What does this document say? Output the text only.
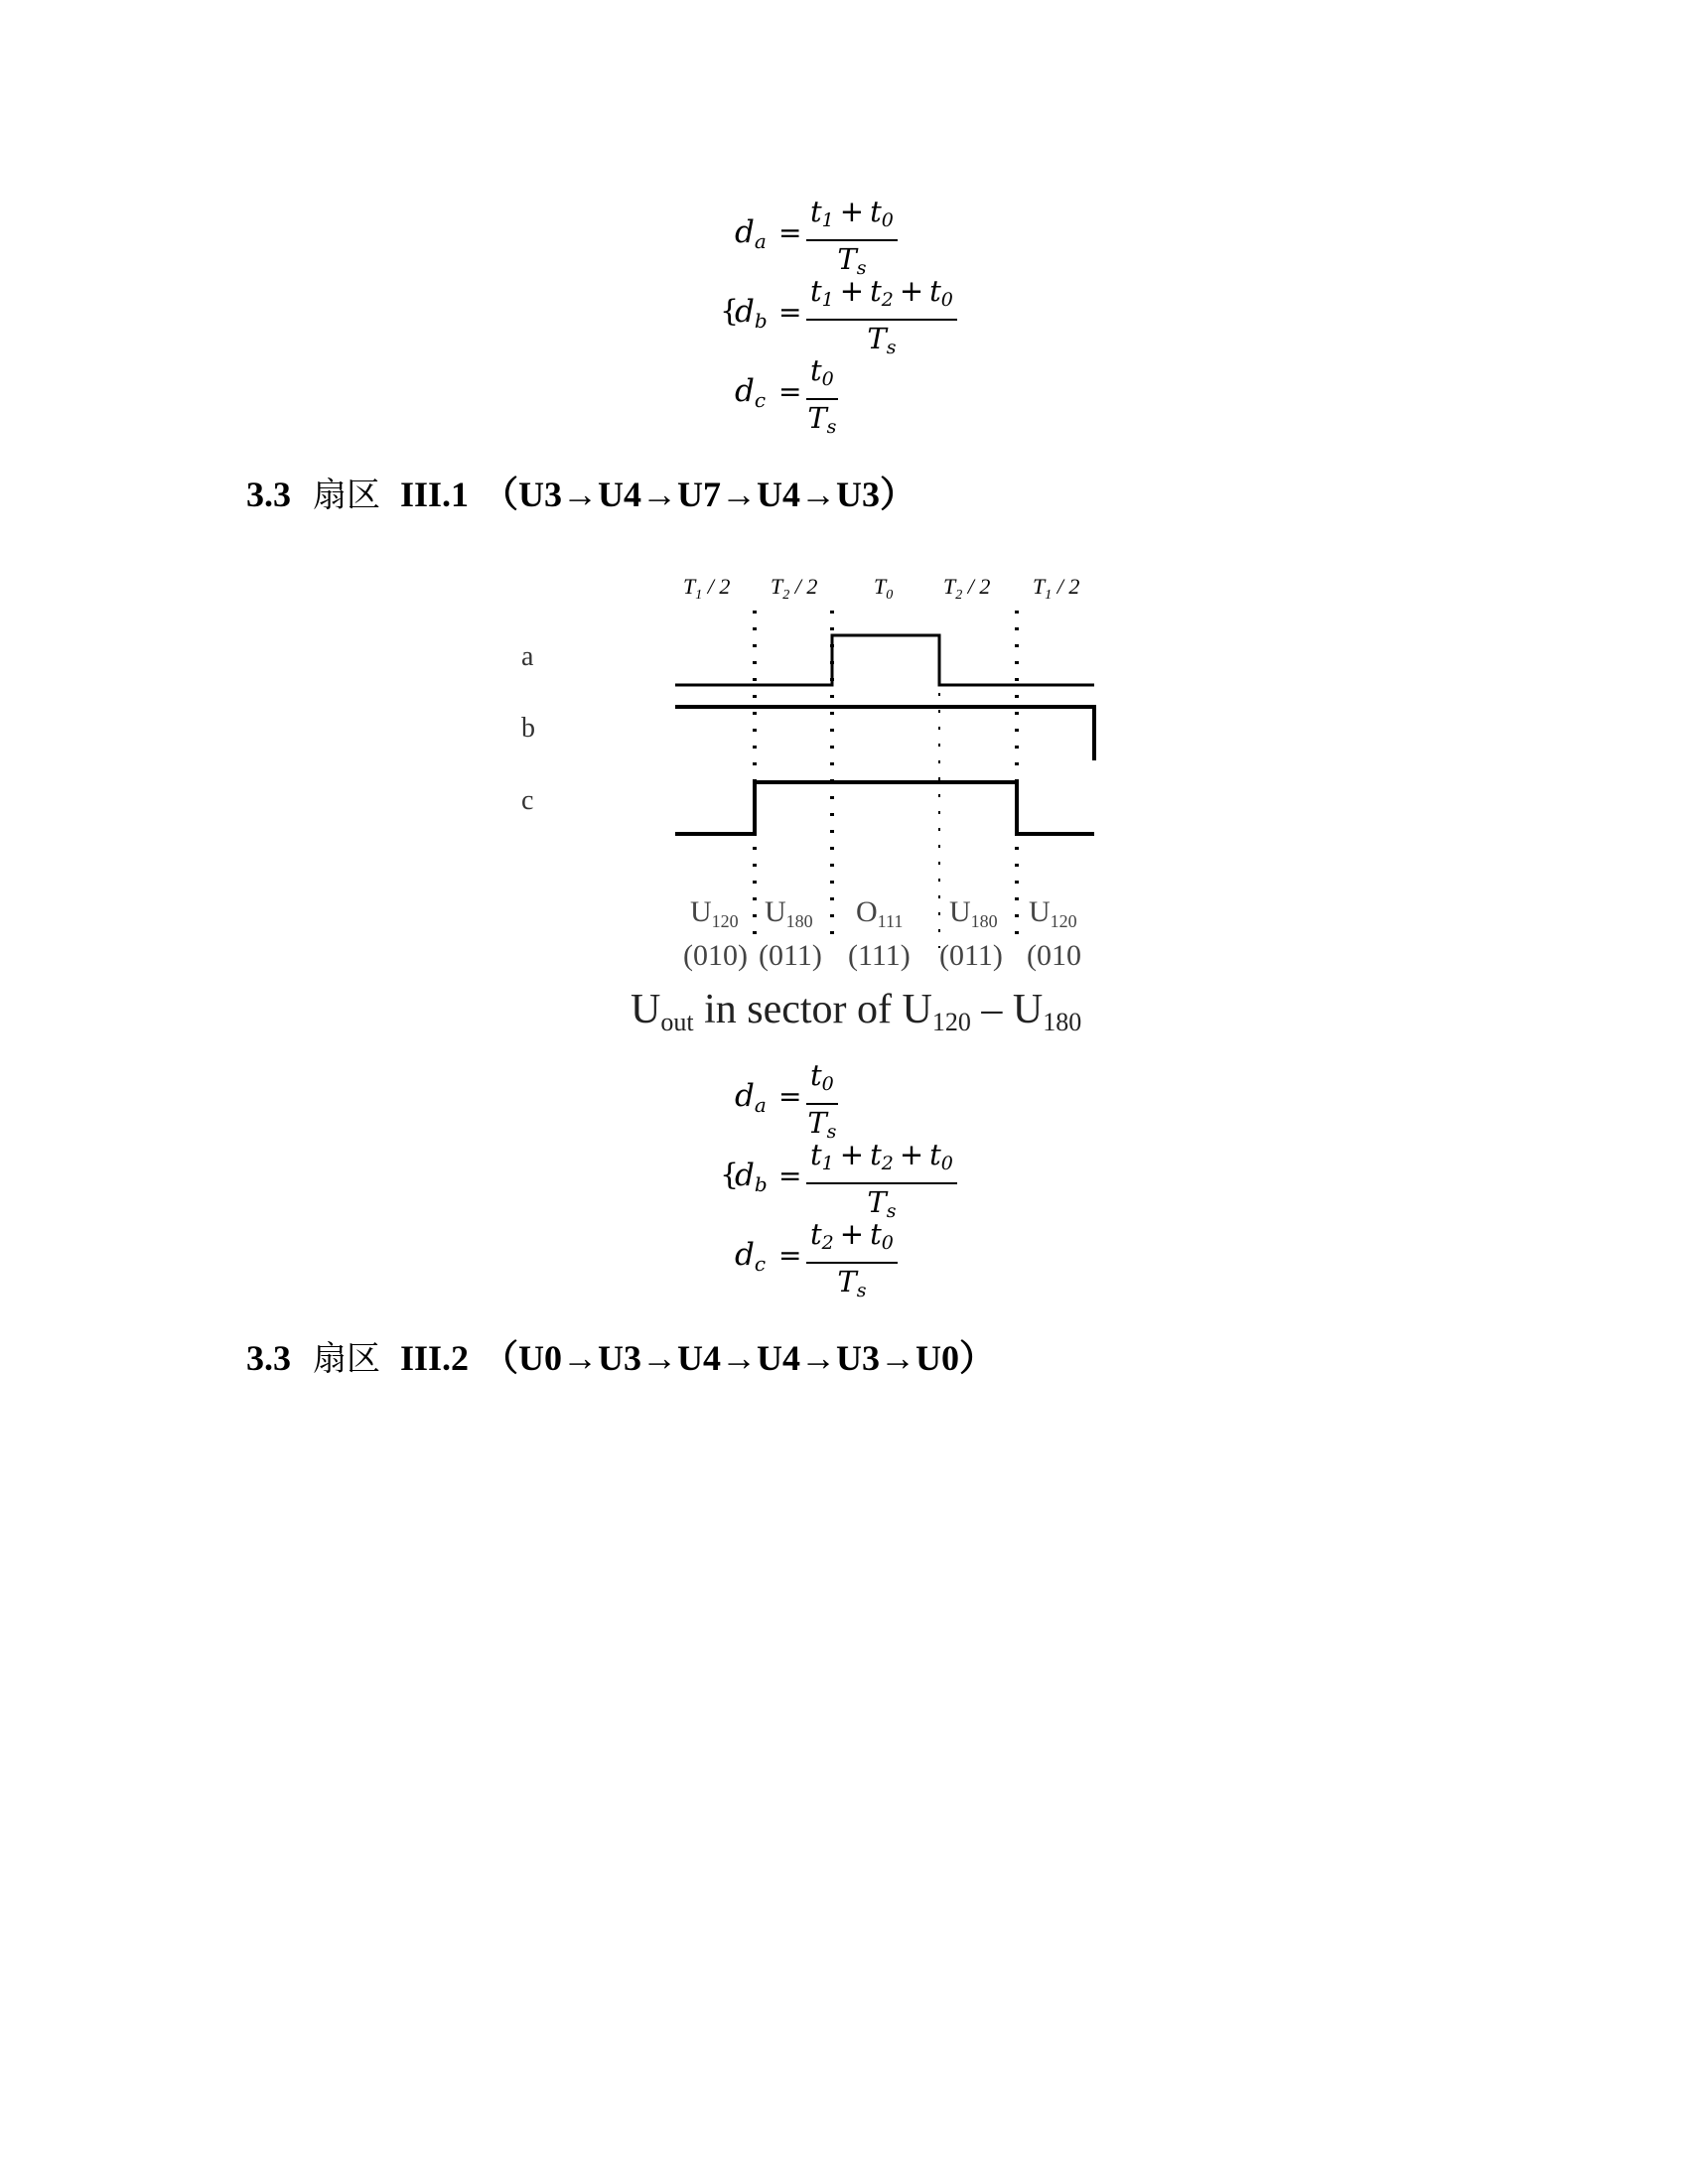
$d_a = \frac{t_1 + t_0}{T_s}$
{
$d_b = \frac{t_1 + t_2 + t_0}{T_s}$
$d_c = \frac{t_0}{T_s}$
3.3 扇区 III.1 （U3→U4→U7→U4→U3）
$T_1 / 2$ $T_2 / 2$	$T_0$ $T_2 / 2$ $T_1 / 2$
a
b
c
$U_{120}$ $U_{180}$ $O_{111}$ $U_{180}$ $U_{120}$
(010) (011) (111) (011) (010
Uout in sector of U120 – U180
$d_a = \frac{t_0}{T_s}$
{
$d_b = \frac{t_1 + t_2 + t_0}{T_s}$
$d_c = \frac{t_2 + t_0}{T_s}$
3.3 扇区 III.2 （U0→U3→U4→U4→U3→U0）
